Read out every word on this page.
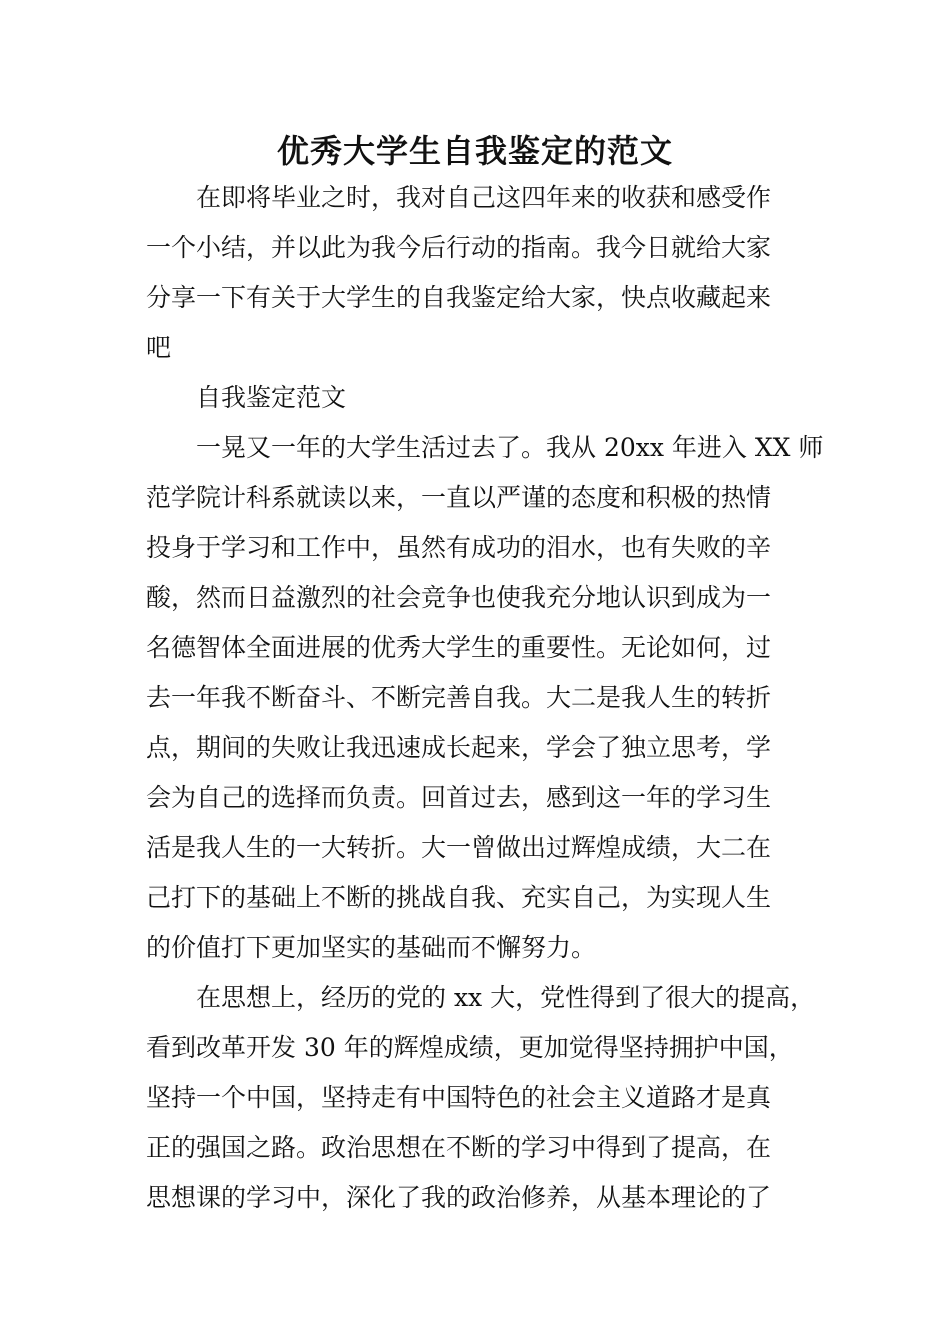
优秀大学生自我鉴定的范文

在即将毕业之时，我对自己这四年来的收获和感受作

一个小结，并以此为我今后行动的指南。我今日就给大家

分享一下有关于大学生的自我鉴定给大家，快点收藏起来

吧

自我鉴定范文

一晃又一年的大学生活过去了。我从 20xx 年进入 XX 师

范学院计科系就读以来，一直以严谨的态度和积极的热情

投身于学习和工作中，虽然有成功的泪水，也有失败的辛

酸，然而日益激烈的社会竞争也使我充分地认识到成为一

名德智体全面进展的优秀大学生的重要性。无论如何，过

去一年我不断奋斗、不断完善自我。大二是我人生的转折

点，期间的失败让我迅速成长起来，学会了独立思考，学

会为自己的选择而负责。回首过去，感到这一年的学习生

活是我人生的一大转折。大一曾做出过辉煌成绩，大二在

己打下的基础上不断的挑战自我、充实自己，为实现人生

的价值打下更加坚实的基础而不懈努力。

在思想上，经历的党的 xx 大，党性得到了很大的提高，

看到改革开发 30 年的辉煌成绩，更加觉得坚持拥护中国，

坚持一个中国，坚持走有中国特色的社会主义道路才是真

正的强国之路。政治思想在不断的学习中得到了提高，在

思想课的学习中，深化了我的政治修养，从基本理论的了
